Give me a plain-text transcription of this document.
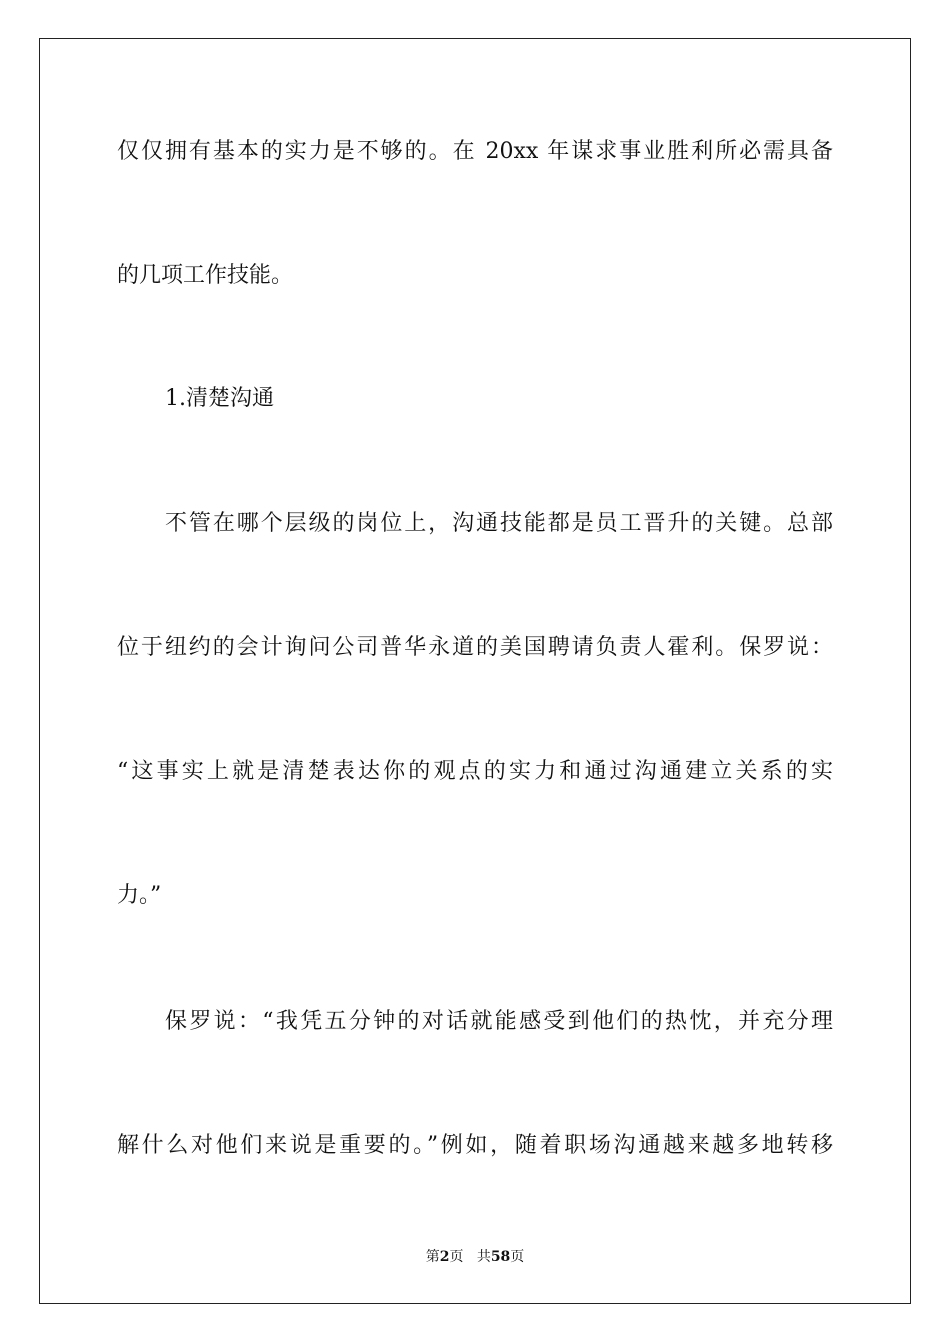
仅仅拥有基本的实力是不够的。在 20xx 年谋求事业胜利所必需具备
的几项工作技能。
1.清楚沟通
不管在哪个层级的岗位上，沟通技能都是员工晋升的关键。总部
位于纽约的会计询问公司普华永道的美国聘请负责人霍利。保罗说：
“这事实上就是清楚表达你的观点的实力和通过沟通建立关系的实
力。”
保罗说：“我凭五分钟的对话就能感受到他们的热忱，并充分理
解什么对他们来说是重要的。”例如，随着职场沟通越来越多地转移
第2页 共58页
